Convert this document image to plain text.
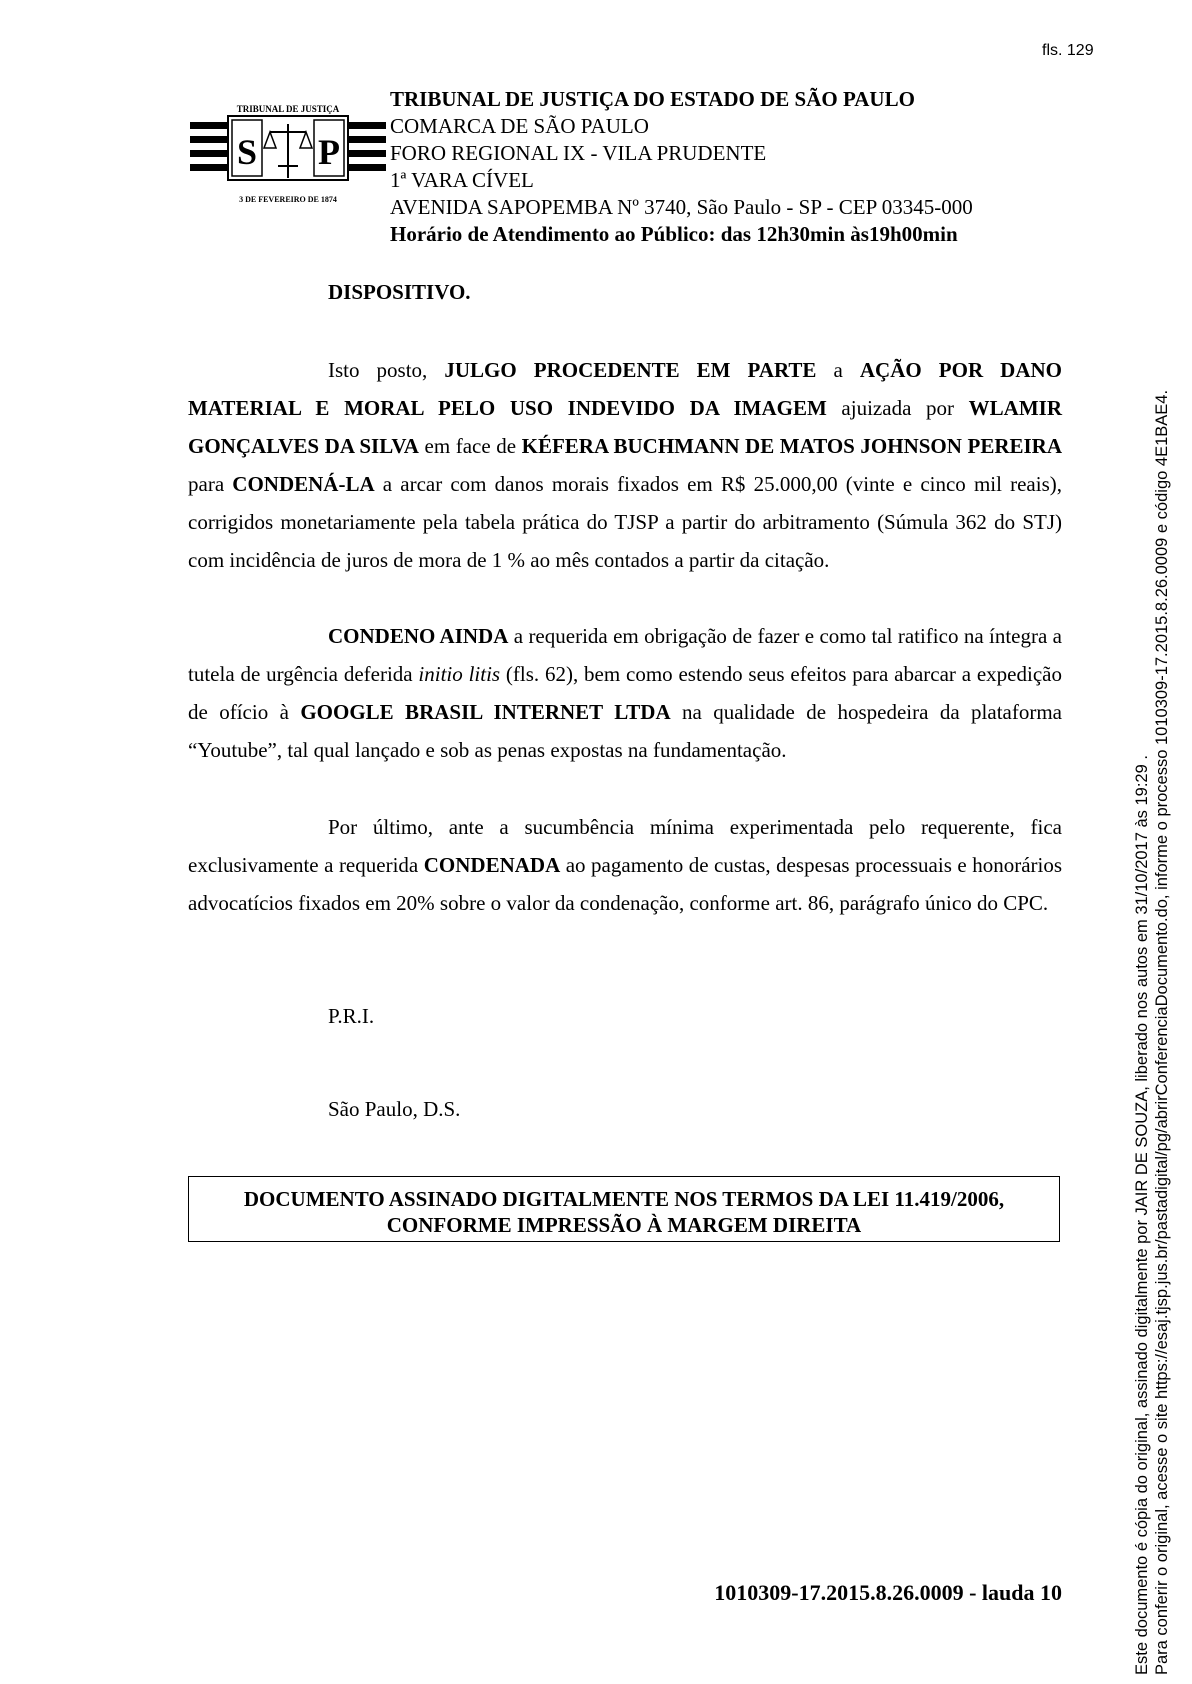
fls. 129
TRIBUNAL DE JUSTIÇA
S P
3 DE FEVEREIRO DE 1874
TRIBUNAL DE JUSTIÇA DO ESTADO DE SÃO PAULO
COMARCA DE SÃO PAULO
FORO REGIONAL IX - VILA PRUDENTE
1ª VARA CÍVEL
AVENIDA SAPOPEMBA Nº 3740, São Paulo - SP - CEP 03345-000
Horário de Atendimento ao Público: das 12h30min às19h00min
DISPOSITIVO.

Isto posto, JULGO PROCEDENTE EM PARTE a AÇÃO POR DANO MATERIAL E MORAL PELO USO INDEVIDO DA IMAGEM ajuizada por WLAMIR GONÇALVES DA SILVA em face de KÉFERA BUCHMANN DE MATOS JOHNSON PEREIRA para CONDENÁ-LA a arcar com danos morais fixados em R$ 25.000,00 (vinte e cinco mil reais), corrigidos monetariamente pela tabela prática do TJSP a partir do arbitramento (Súmula 362 do STJ) com incidência de juros de mora de 1 % ao mês contados a partir da citação.

CONDENO AINDA a requerida em obrigação de fazer e como tal ratifico na íntegra a tutela de urgência deferida initio litis (fls. 62), bem como estendo seus efeitos para abarcar a expedição de ofício à GOOGLE BRASIL INTERNET LTDA na qualidade de hospedeira da plataforma “Youtube”, tal qual lançado e sob as penas expostas na fundamentação.

Por último, ante a sucumbência mínima experimentada pelo requerente, fica exclusivamente a requerida CONDENADA ao pagamento de custas, despesas processuais e honorários advocatícios fixados em 20% sobre o valor da condenação, conforme art. 86, parágrafo único do CPC.

P.R.I.
São Paulo, D.S.
DOCUMENTO ASSINADO DIGITALMENTE NOS TERMOS DA LEI 11.419/2006,
CONFORME IMPRESSÃO À MARGEM DIREITA
1010309-17.2015.8.26.0009 - lauda 10	Este documento é cópia do original, assinado digitalmente por JAIR DE SOUZA, liberado nos autos em 31/10/2017 às 19:29 . Para conferir o original, acesse o site https://esaj.tjsp.jus.br/pastadigital/pg/abrirConferenciaDocumento.do, informe o processo 1010309-17.2015.8.26.0009 e código 4E1BAE4.
